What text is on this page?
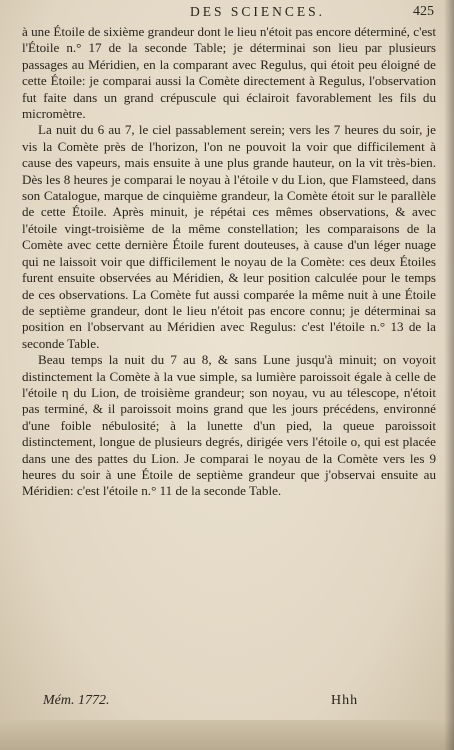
DES SCIENCES.	425

à une Étoile de sixième grandeur dont le lieu n'étoit pas encore déterminé, c'est l'Étoile n.° 17 de la seconde Table; je déterminai son lieu par plusieurs passages au Méridien, en la comparant avec Regulus, qui étoit peu éloigné de cette Étoile: je comparai aussi la Comète directement à Regulus, l'observation fut faite dans un grand crépuscule qui éclairoit favorablement les fils du micromètre.

La nuit du 6 au 7, le ciel passablement serein; vers les 7 heures du soir, je vis la Comète près de l'horizon, l'on ne pouvoit la voir que difficilement à cause des vapeurs, mais ensuite à une plus grande hauteur, on la vit très-bien. Dès les 8 heures je comparai le noyau à l'étoile ν du Lion, que Flamsteed, dans son Catalogue, marque de cinquième grandeur, la Comète étoit sur le parallèle de cette Étoile. Après minuit, je répétai ces mêmes observations, & avec l'étoile vingt-troisième de la même constellation; les comparaisons de la Comète avec cette dernière Étoile furent douteuses, à cause d'un léger nuage qui ne laissoit voir que difficilement le noyau de la Comète: ces deux Étoiles furent ensuite observées au Méridien, & leur position calculée pour le temps de ces observations. La Comète fut aussi comparée la même nuit à une Étoile de septième grandeur, dont le lieu n'étoit pas encore connu; je déterminai sa position en l'observant au Méridien avec Regulus: c'est l'étoile n.° 13 de la seconde Table.

Beau temps la nuit du 7 au 8, & sans Lune jusqu'à minuit; on voyoit distinctement la Comète à la vue simple, sa lumière paroissoit égale à celle de l'étoile η du Lion, de troisième grandeur; son noyau, vu au télescope, n'étoit pas terminé, & il paroissoit moins grand que les jours précédens, environné d'une foible nébulosité; à la lunette d'un pied, la queue paroissoit distinctement, longue de plusieurs degrés, dirigée vers l'étoile ο, qui est placée dans une des pattes du Lion. Je comparai le noyau de la Comète vers les 9 heures du soir à une Étoile de septième grandeur que j'observai ensuite au Méridien: c'est l'étoile n.° 11 de la seconde Table.

Mém. 1772.	Hhh
